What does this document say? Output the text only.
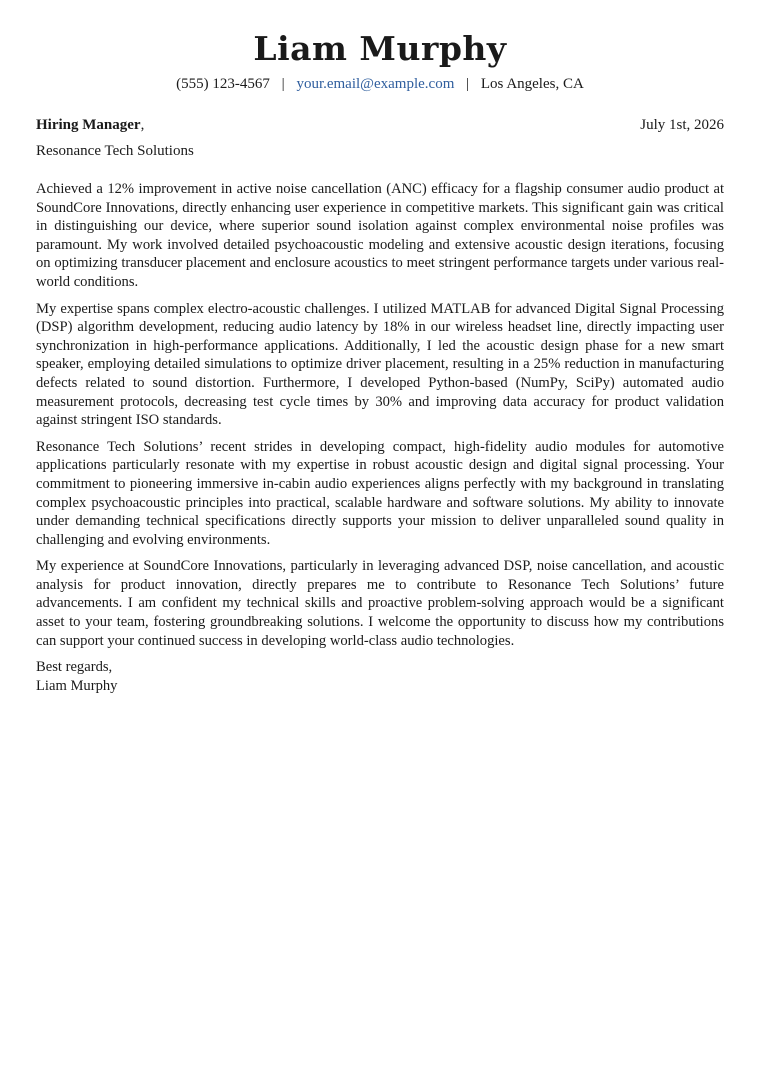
Liam Murphy
(555) 123-4567 | your.email@example.com | Los Angeles, CA
Hiring Manager,	July 1st, 2026
Resonance Tech Solutions

Achieved a 12% improvement in active noise cancellation (ANC) efficacy for a flagship consumer audio product at SoundCore Innovations, directly enhancing user experience in competitive markets. This significant gain was critical in distinguishing our device, where superior sound isolation against complex environmental noise profiles was paramount. My work involved detailed psychoacoustic modeling and extensive acoustic design iterations, focusing on optimizing transducer placement and enclosure acoustics to meet stringent performance targets under various real-world conditions.

My expertise spans complex electro-acoustic challenges. I utilized MATLAB for advanced Digital Signal Processing (DSP) algorithm development, reducing audio latency by 18% in our wireless headset line, directly impacting user synchronization in high-performance applications. Additionally, I led the acoustic design phase for a new smart speaker, employing detailed simulations to optimize driver placement, resulting in a 25% reduction in manufacturing defects related to sound distortion. Furthermore, I developed Python-based (NumPy, SciPy) automated audio measurement protocols, decreasing test cycle times by 30% and improving data accuracy for product validation against stringent ISO standards.

Resonance Tech Solutions’ recent strides in developing compact, high-fidelity audio modules for automotive applications particularly resonate with my expertise in robust acoustic design and digital signal processing. Your commitment to pioneering immersive in-cabin audio experiences aligns perfectly with my background in translating complex psychoacoustic principles into practical, scalable hardware and software solutions. My ability to innovate under demanding technical specifications directly supports your mission to deliver unparalleled sound quality in challenging and evolving environments.

My experience at SoundCore Innovations, particularly in leveraging advanced DSP, noise cancellation, and acoustic analysis for product innovation, directly prepares me to contribute to Resonance Tech Solutions’ future advancements. I am confident my technical skills and proactive problem-solving approach would be a significant asset to your team, fostering groundbreaking solutions. I welcome the opportunity to discuss how my contributions can support your continued success in developing world-class audio technologies.

Best regards,
Liam Murphy
